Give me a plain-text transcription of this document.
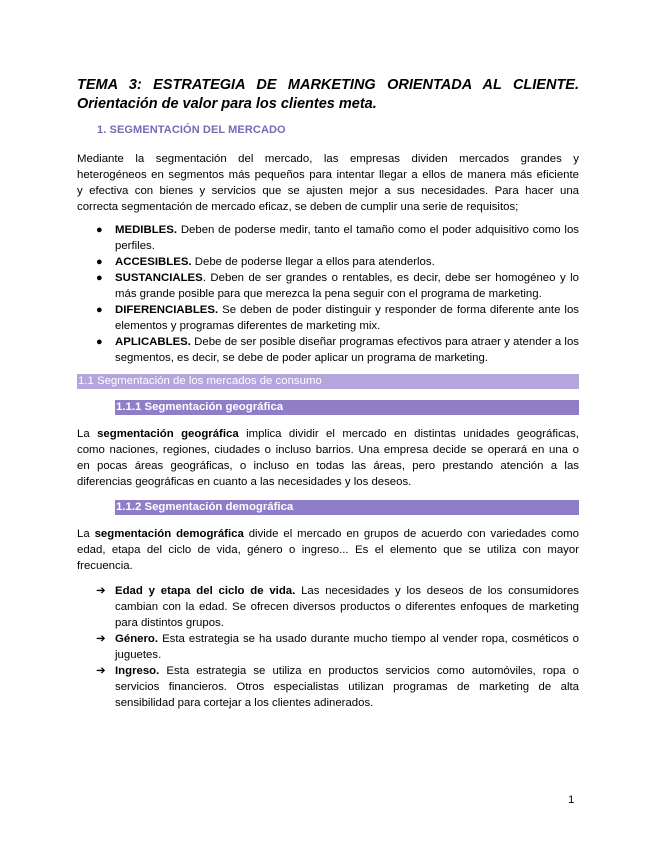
TEMA 3: ESTRATEGIA DE MARKETING ORIENTADA AL CLIENTE.
Orientación de valor para los clientes meta.
1. SEGMENTACIÓN DEL MERCADO
Mediante la segmentación del mercado, las empresas dividen mercados grandes y
heterogéneos en segmentos más pequeños para intentar llegar a ellos de manera más eficiente
y efectiva con bienes y servicios que se ajusten mejor a sus necesidades. Para hacer una
correcta segmentación de mercado eficaz, se deben de cumplir una serie de requisitos;
● MEDIBLES. Deben de poderse medir, tanto el tamaño como el poder adquisitivo como los perfiles.
● ACCESIBLES. Debe de poderse llegar a ellos para atenderlos.
● SUSTANCIALES. Deben de ser grandes o rentables, es decir, debe ser homogéneo y lo más grande posible para que merezca la pena seguir con el programa de marketing.
● DIFERENCIABLES. Se deben de poder distinguir y responder de forma diferente ante los elementos y programas diferentes de marketing mix.
● APLICABLES. Debe de ser posible diseñar programas efectivos para atraer y atender a los segmentos, es decir, se debe de poder aplicar un programa de marketing.
1.1 Segmentación de los mercados de consumo
1.1.1 Segmentación geográfica
La segmentación geográfica implica dividir el mercado en distintas unidades geográficas,
como naciones, regiones, ciudades o incluso barrios. Una empresa decide se operará en una o
en pocas áreas geográficas, o incluso en todas las áreas, pero prestando atención a las
diferencias geográficas en cuanto a las necesidades y los deseos.
1.1.2 Segmentación demográfica
La segmentación demográfica divide el mercado en grupos de acuerdo con variedades como
edad, etapa del ciclo de vida, género o ingreso... Es el elemento que se utiliza con mayor
frecuencia.
➔ Edad y etapa del ciclo de vida. Las necesidades y los deseos de los consumidores cambian con la edad. Se ofrecen diversos productos o diferentes enfoques de marketing para distintos grupos.
➔ Género. Esta estrategia se ha usado durante mucho tiempo al vender ropa, cosméticos o juguetes.
➔ Ingreso. Esta estrategia se utiliza en productos servicios como automóviles, ropa o servicios financieros. Otros especialistas utilizan programas de marketing de alta sensibilidad para cortejar a los clientes adinerados.
1
